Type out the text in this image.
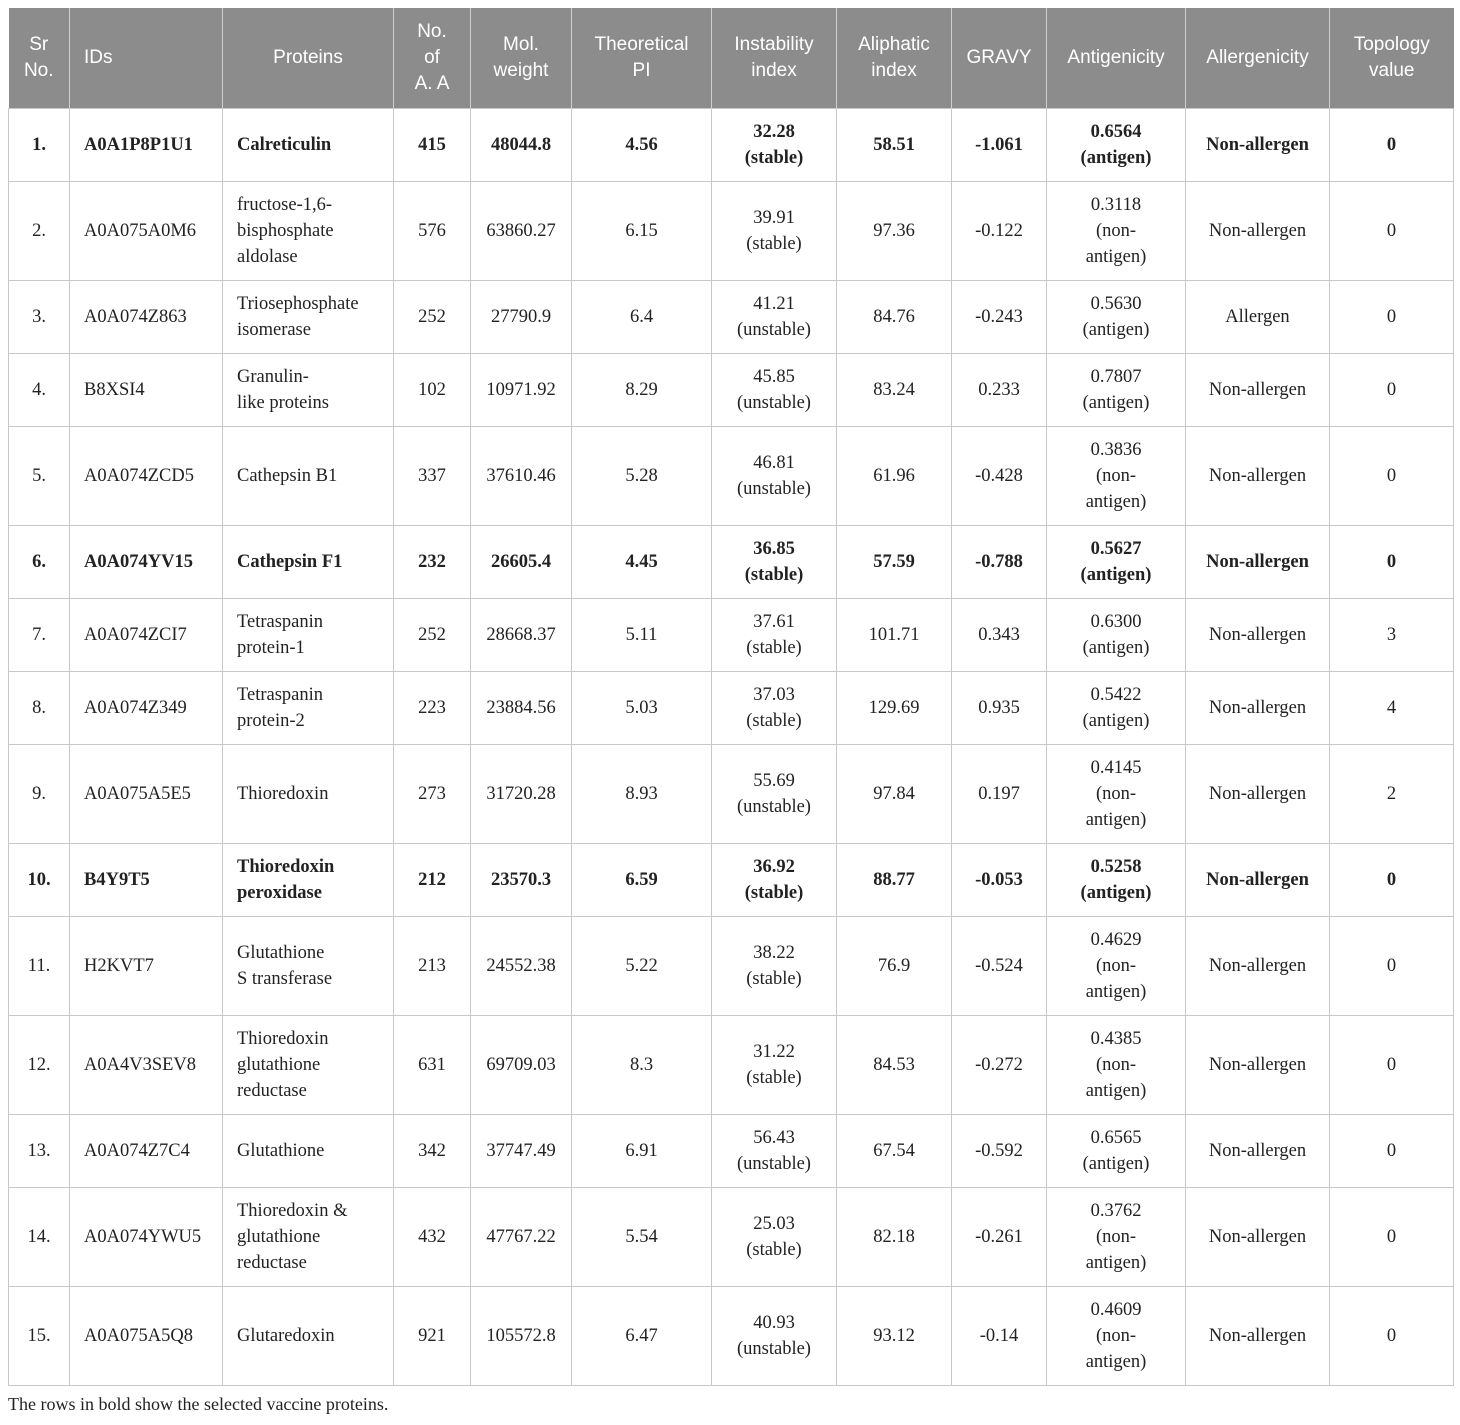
Sr
No.	IDs	Proteins	No.
of
A. A	Mol.
weight	Theoretical
PI	Instability
index	Aliphatic
index	GRAVY	Antigenicity	Allergenicity	Topology
value
1.	A0A1P8P1U1	Calreticulin	415	48044.8	4.56	32.28
(stable)	58.51	-1.061	0.6564
(antigen)	Non-allergen	0
2.	A0A075A0M6	fructose-1,6-
bisphosphate
aldolase	576	63860.27	6.15	39.91
(stable)	97.36	-0.122	0.3118
(non-
antigen)	Non-allergen	0
3.	A0A074Z863	Triosephosphate
isomerase	252	27790.9	6.4	41.21
(unstable)	84.76	-0.243	0.5630
(antigen)	Allergen	0
4.	B8XSI4	Granulin-
like proteins	102	10971.92	8.29	45.85
(unstable)	83.24	0.233	0.7807
(antigen)	Non-allergen	0
5.	A0A074ZCD5	Cathepsin B1	337	37610.46	5.28	46.81
(unstable)	61.96	-0.428	0.3836
(non-
antigen)	Non-allergen	0
6.	A0A074YV15	Cathepsin F1	232	26605.4	4.45	36.85
(stable)	57.59	-0.788	0.5627
(antigen)	Non-allergen	0
7.	A0A074ZCI7	Tetraspanin
protein-1	252	28668.37	5.11	37.61
(stable)	101.71	0.343	0.6300
(antigen)	Non-allergen	3
8.	A0A074Z349	Tetraspanin
protein-2	223	23884.56	5.03	37.03
(stable)	129.69	0.935	0.5422
(antigen)	Non-allergen	4
9.	A0A075A5E5	Thioredoxin	273	31720.28	8.93	55.69
(unstable)	97.84	0.197	0.4145
(non-
antigen)	Non-allergen	2
10.	B4Y9T5	Thioredoxin
peroxidase	212	23570.3	6.59	36.92
(stable)	88.77	-0.053	0.5258
(antigen)	Non-allergen	0
11.	H2KVT7	Glutathione
S transferase	213	24552.38	5.22	38.22
(stable)	76.9	-0.524	0.4629
(non-
antigen)	Non-allergen	0
12.	A0A4V3SEV8	Thioredoxin
glutathione
reductase	631	69709.03	8.3	31.22
(stable)	84.53	-0.272	0.4385
(non-
antigen)	Non-allergen	0
13.	A0A074Z7C4	Glutathione	342	37747.49	6.91	56.43
(unstable)	67.54	-0.592	0.6565
(antigen)	Non-allergen	0
14.	A0A074YWU5	Thioredoxin &
glutathione
reductase	432	47767.22	5.54	25.03
(stable)	82.18	-0.261	0.3762
(non-
antigen)	Non-allergen	0
15.	A0A075A5Q8	Glutaredoxin	921	105572.8	6.47	40.93
(unstable)	93.12	-0.14	0.4609
(non-
antigen)	Non-allergen	0
The rows in bold show the selected vaccine proteins.
